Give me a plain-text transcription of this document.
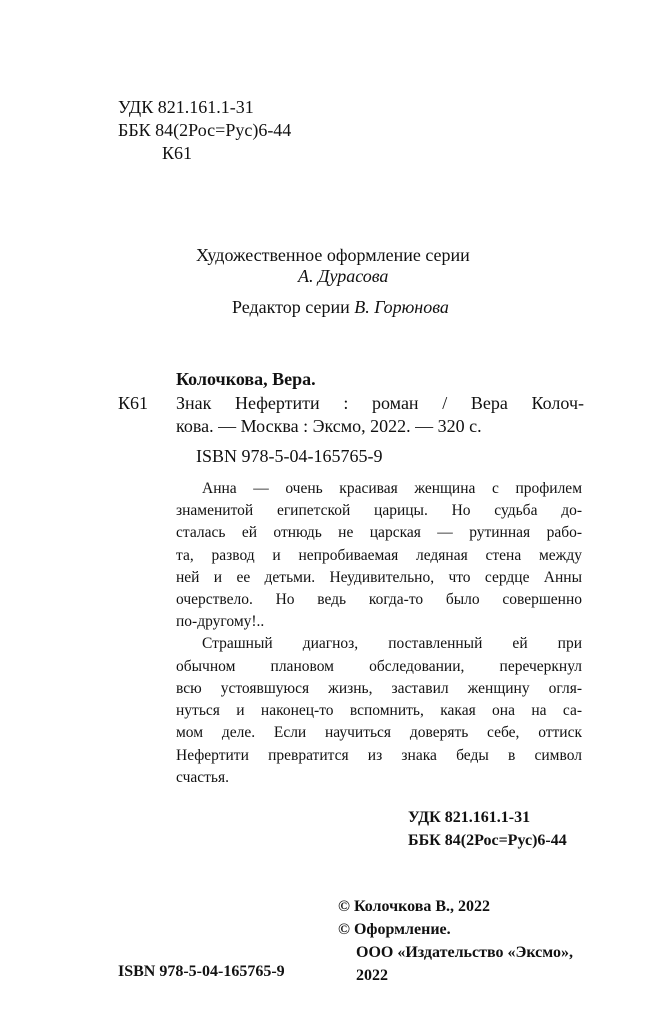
УДК 821.161.1-31
ББК 84(2Рос=Рус)6-44
К61
Художественное оформление серии
А. Дурасова
Редактор серии В. Горюнова
Колочкова, Вера.
К61 Знак Нефертити : роман / Вера Колоч-
кова. — Москва : Эксмо, 2022. — 320 с.
ISBN 978-5-04-165765-9
Анна — очень красивая женщина с профилем
знаменитой египетской царицы. Но судьба до-
сталась ей отнюдь не царская — рутинная рабо-
та, развод и непробиваемая ледяная стена между
ней и ее детьми. Неудивительно, что сердце Анны
очерствело. Но ведь когда-то было совершенно
по-другому!..
Страшный диагноз, поставленный ей при
обычном плановом обследовании, перечеркнул
всю устоявшуюся жизнь, заставил женщину огля-
нуться и наконец-то вспомнить, какая она на са-
мом деле. Если научиться доверять себе, оттиск
Нефертити превратится из знака беды в символ
счастья.
УДК 821.161.1-31
ББК 84(2Рос=Рус)6-44
© Колочкова В., 2022
© Оформление.
ООО «Издательство «Эксмо»,
2022
ISBN 978-5-04-165765-9
